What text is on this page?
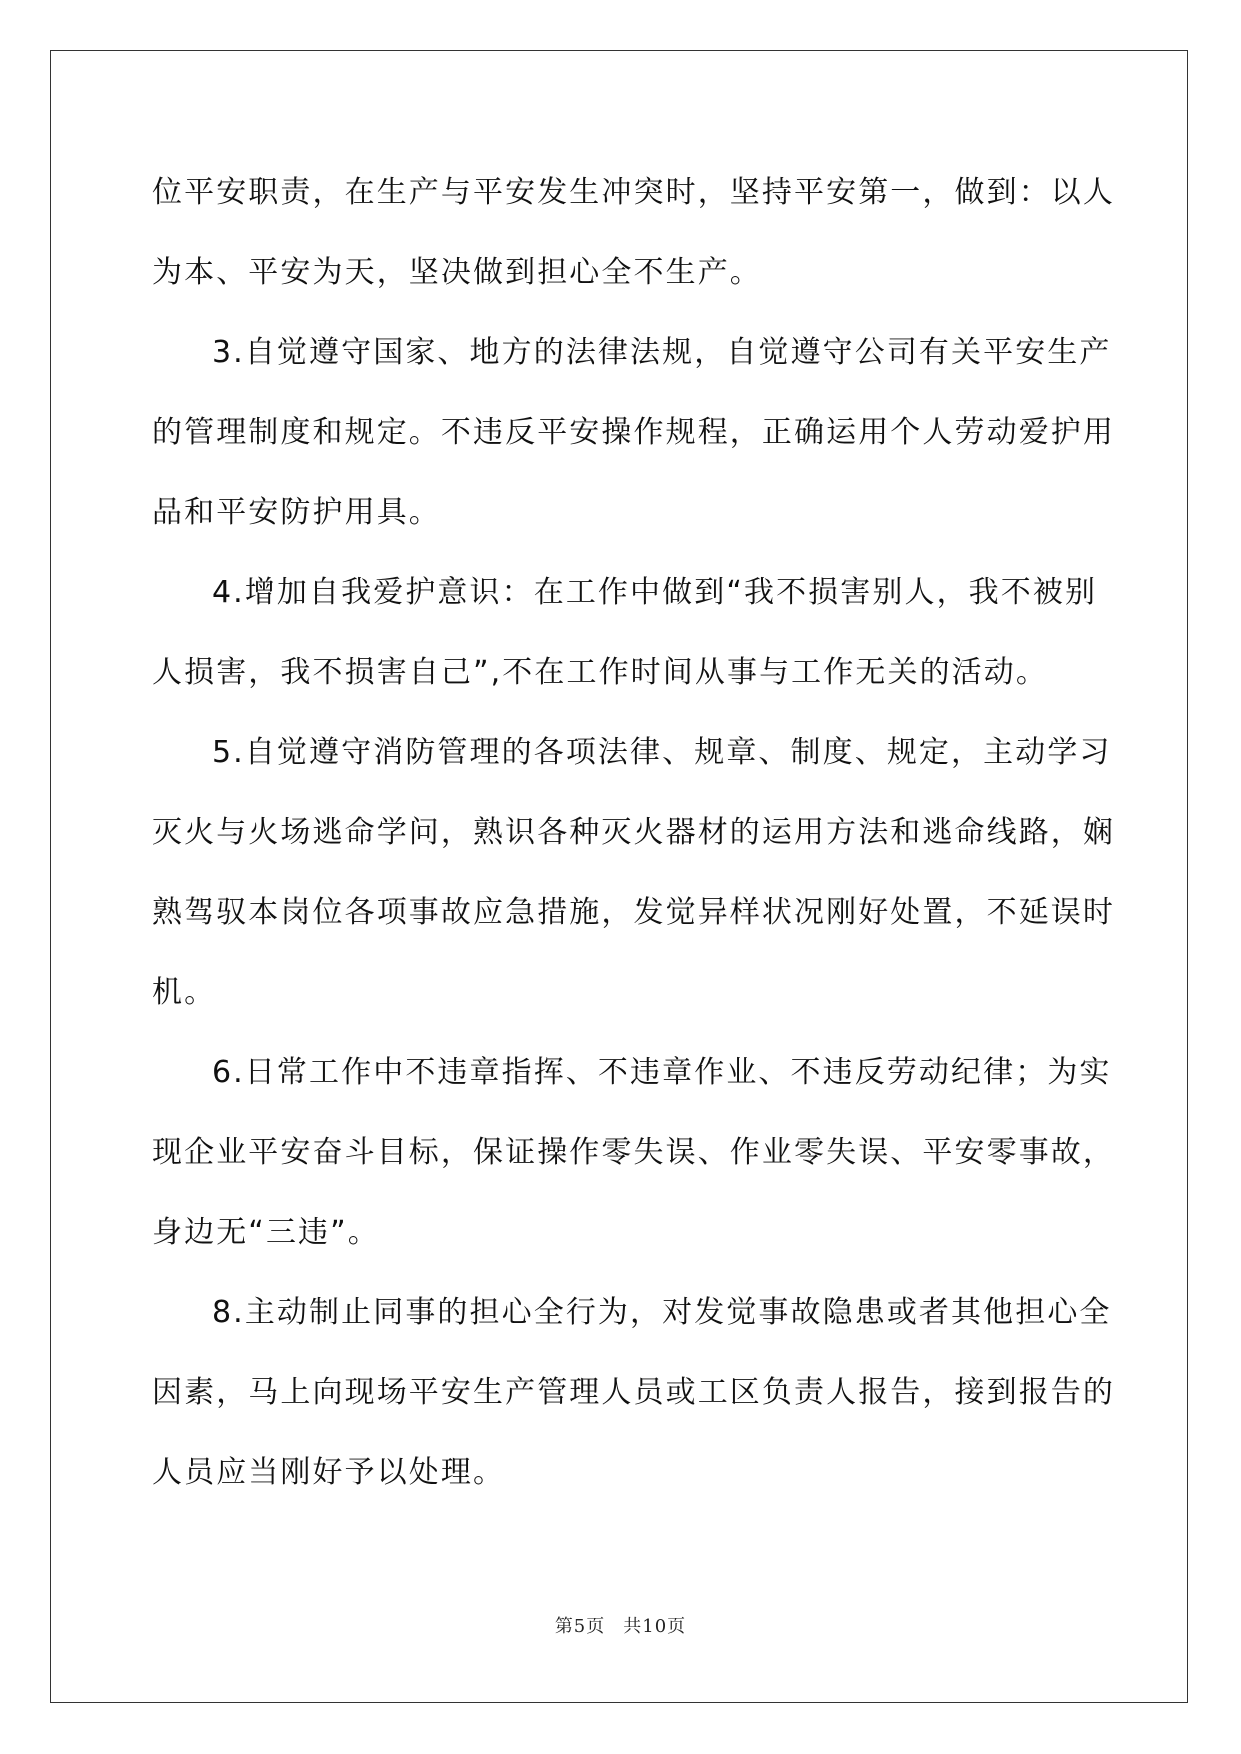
位平安职责，在生产与平安发生冲突时，坚持平安第一，做到：以人
为本、平安为天，坚决做到担心全不生产。
3.自觉遵守国家、地方的法律法规，自觉遵守公司有关平安生产
的管理制度和规定。不违反平安操作规程，正确运用个人劳动爱护用
品和平安防护用具。
4.增加自我爱护意识：在工作中做到“我不损害别人，我不被别
人损害，我不损害自己”,不在工作时间从事与工作无关的活动。
5.自觉遵守消防管理的各项法律、规章、制度、规定，主动学习
灭火与火场逃命学问，熟识各种灭火器材的运用方法和逃命线路，娴
熟驾驭本岗位各项事故应急措施，发觉异样状况刚好处置，不延误时
机。
6.日常工作中不违章指挥、不违章作业、不违反劳动纪律；为实
现企业平安奋斗目标，保证操作零失误、作业零失误、平安零事故，
身边无“三违”。
8.主动制止同事的担心全行为，对发觉事故隐患或者其他担心全
因素，马上向现场平安生产管理人员或工区负责人报告，接到报告的
人员应当刚好予以处理。
第5页 共10页
